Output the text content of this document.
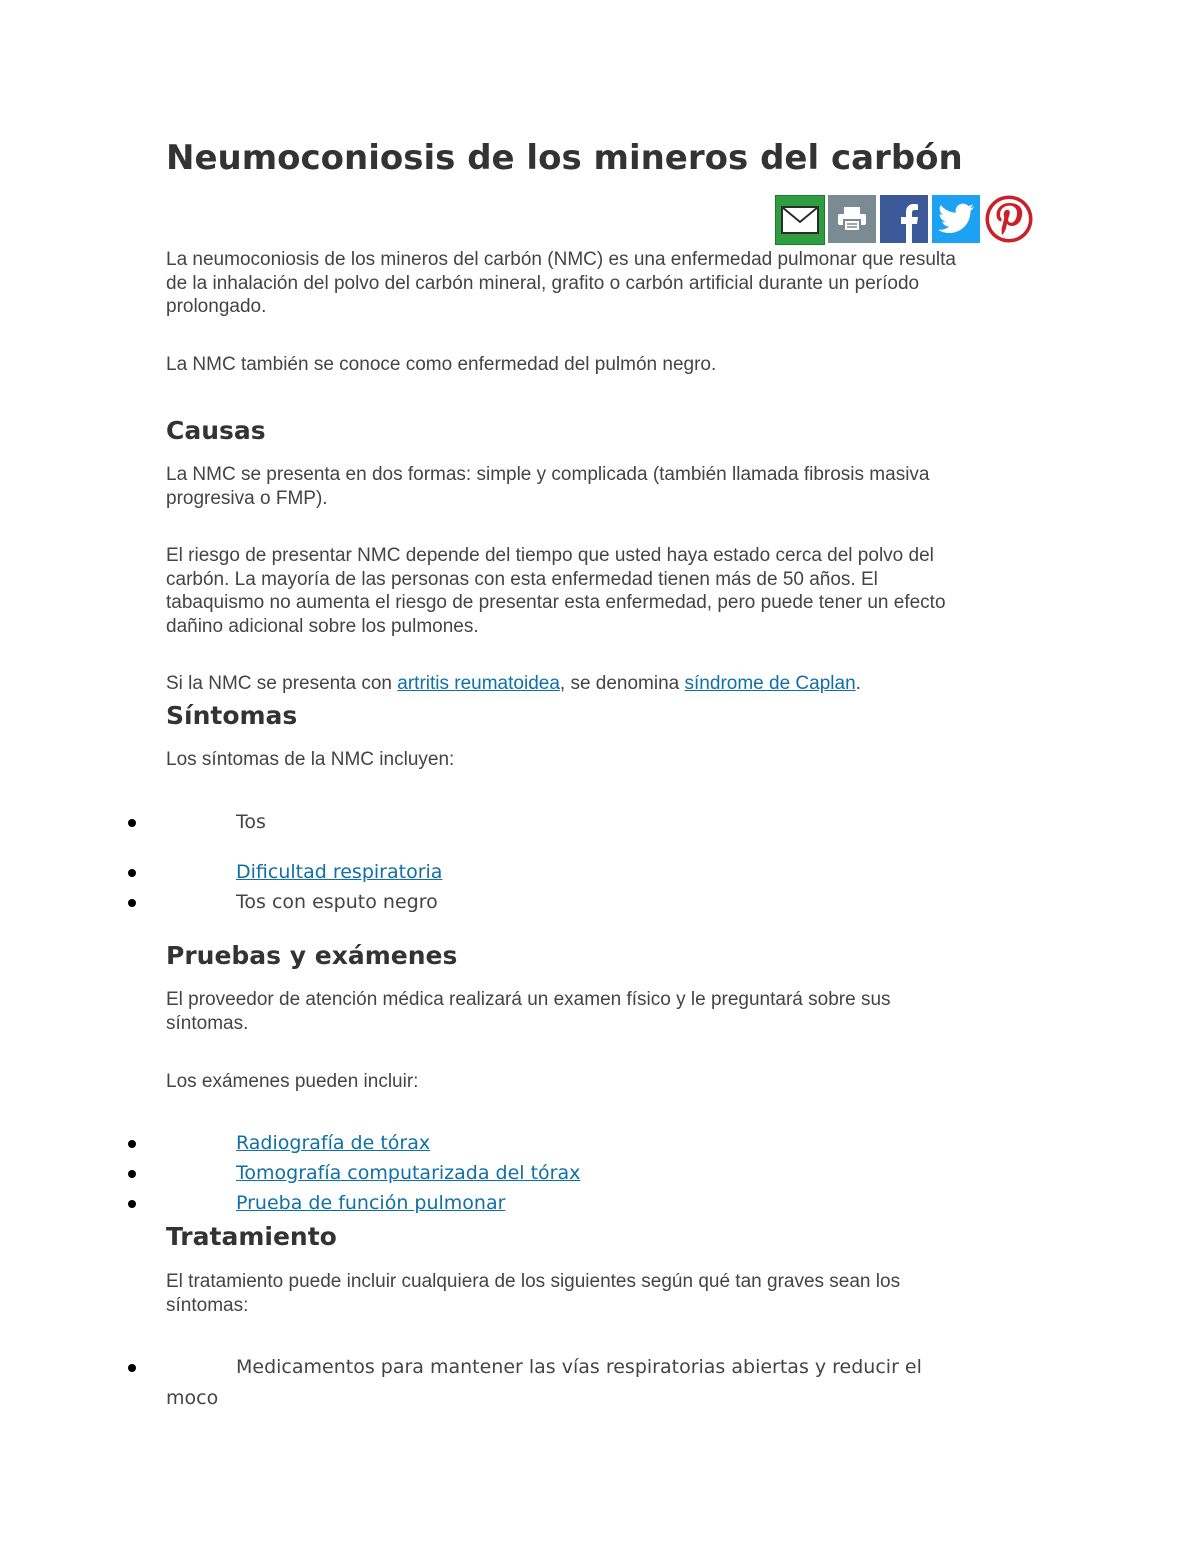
Neumoconiosis de los mineros del carbón
La neumoconiosis de los mineros del carbón (NMC) es una enfermedad pulmonar que resulta
de la inhalación del polvo del carbón mineral, grafito o carbón artificial durante un período
prolongado.
La NMC también se conoce como enfermedad del pulmón negro.
Causas
La NMC se presenta en dos formas: simple y complicada (también llamada fibrosis masiva
progresiva o FMP).
El riesgo de presentar NMC depende del tiempo que usted haya estado cerca del polvo del
carbón. La mayoría de las personas con esta enfermedad tienen más de 50 años. El
tabaquismo no aumenta el riesgo de presentar esta enfermedad, pero puede tener un efecto
dañino adicional sobre los pulmones.
Si la NMC se presenta con artritis reumatoidea, se denomina síndrome de Caplan.
Síntomas
Los síntomas de la NMC incluyen:
Tos
Dificultad respiratoria
Tos con esputo negro
Pruebas y exámenes
El proveedor de atención médica realizará un examen físico y le preguntará sobre sus
síntomas.
Los exámenes pueden incluir:
Radiografía de tórax
Tomografía computarizada del tórax
Prueba de función pulmonar
Tratamiento
El tratamiento puede incluir cualquiera de los siguientes según qué tan graves sean los
síntomas:
Medicamentos para mantener las vías respiratorias abiertas y reducir el
moco
